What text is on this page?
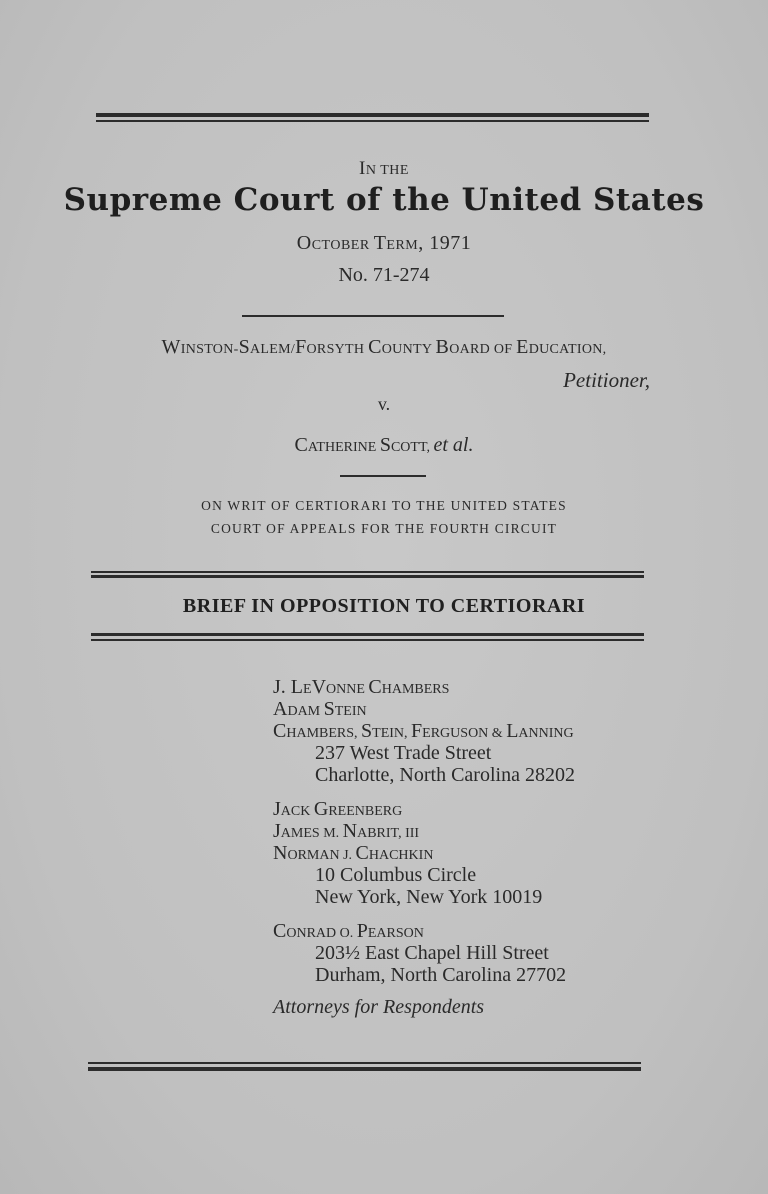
IN THE
Supreme Court of the United States
OCTOBER TERM, 1971
No. 71-274
WINSTON-SALEM/FORSYTH COUNTY BOARD OF EDUCATION,
Petitioner,
v.
CATHERINE SCOTT, et al.
ON WRIT OF CERTIORARI TO THE UNITED STATES
COURT OF APPEALS FOR THE FOURTH CIRCUIT
BRIEF IN OPPOSITION TO CERTIORARI
J. LEVONNE CHAMBERS
ADAM STEIN
CHAMBERS, STEIN, FERGUSON & LANNING
237 West Trade Street
Charlotte, North Carolina 28202
JACK GREENBERG
JAMES M. NABRIT, III
NORMAN J. CHACHKIN
10 Columbus Circle
New York, New York 10019
CONRAD O. PEARSON
203½ East Chapel Hill Street
Durham, North Carolina 27702
Attorneys for Respondents
